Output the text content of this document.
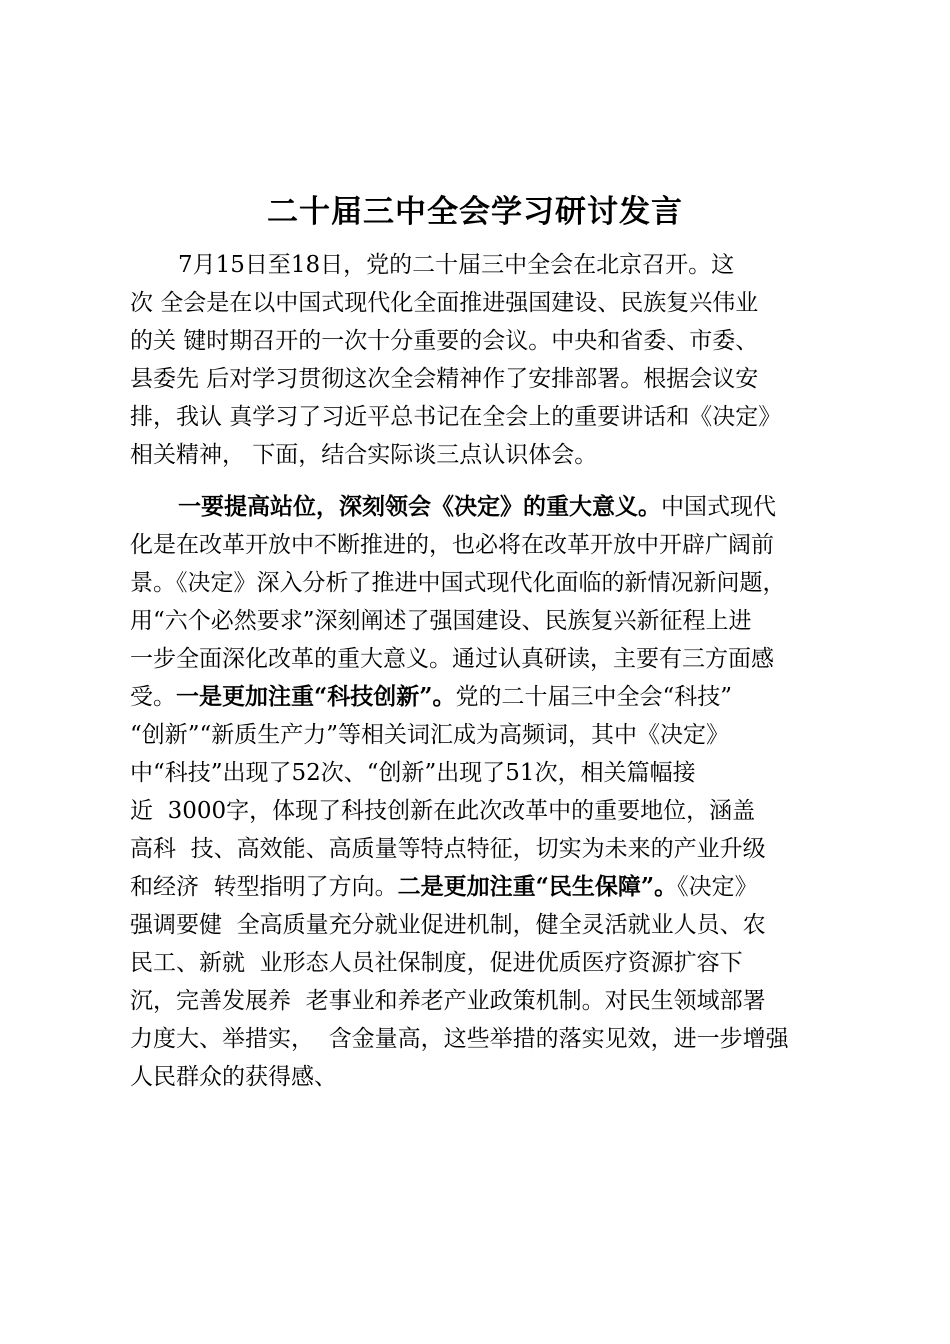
二十届三中全会学习研讨发言
7月15日至18日，党的二十届三中全会在北京召开。这
次 全会是在以中国式现代化全面推进强国建设、民族复兴伟业
的关 键时期召开的一次十分重要的会议。中央和省委、市委、
县委先 后对学习贯彻这次全会精神作了安排部署。根据会议安
排，我认 真学习了习近平总书记在全会上的重要讲话和《决定》
相关精神， 下面，结合实际谈三点认识体会。
一要提高站位，深刻领会《决定》的重大意义。中国式现代
化是在改革开放中不断推进的，也必将在改革开放中开辟广阔前
景。《决定》深入分析了推进中国式现代化面临的新情况新问题，
用“六个必然要求”深刻阐述了强国建设、民族复兴新征程上进
一步全面深化改革的重大意义。通过认真研读，主要有三方面感
受。一是更加注重“科技创新”。党的二十届三中全会“科技”
“创新”“新质生产力”等相关词汇成为高频词，其中《决定》
中“科技”出现了52次、“创新”出现了51次，相关篇幅接
近  3000字，体现了科技创新在此次改革中的重要地位，涵盖
高科  技、高效能、高质量等特点特征，切实为未来的产业升级
和经济  转型指明了方向。二是更加注重“民生保障”。《决定》
强调要健  全高质量充分就业促进机制，健全灵活就业人员、农
民工、新就  业形态人员社保制度，促进优质医疗资源扩容下
沉，完善发展养  老事业和养老产业政策机制。对民生领域部署
力度大、举措实，  含金量高，这些举措的落实见效，进一步增强
人民群众的获得感、
